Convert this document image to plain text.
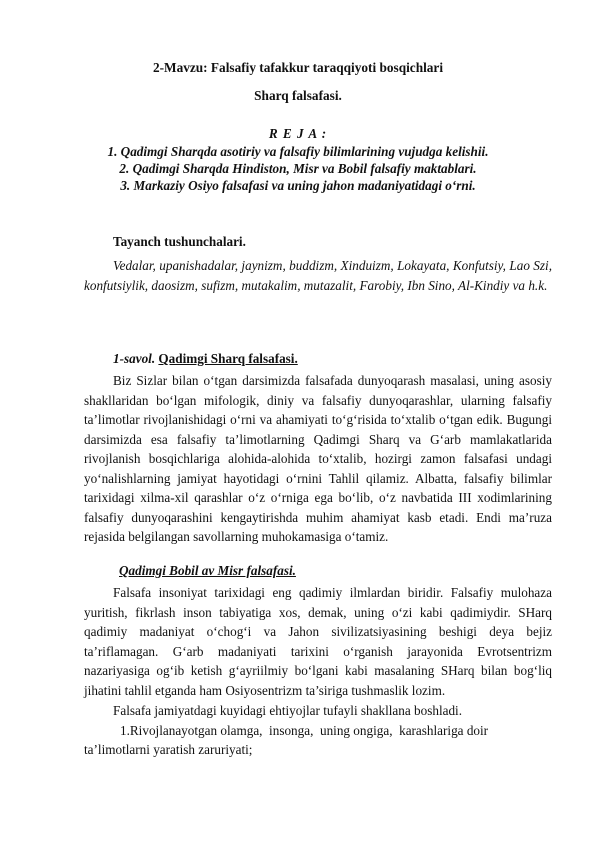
2-Mavzu: Falsafiy tafakkur taraqqiyoti bosqichlari
Sharq falsafasi.
R E J A :
1. Qadimgi Sharqda asotiriy va falsafiy bilimlarining vujudga kelishii.
2. Qadimgi Sharqda Hindiston, Misr va Bobil falsafiy maktablari.
3. Markaziy Osiyo falsafasi va uning jahon madaniyatidagi o‘rni.
Tayanch tushunchalari.
Vedalar, upanishadalar, jaynizm, buddizm, Xinduizm, Lokayata, Konfutsiy, Lao Szi, konfutsiylik, daosizm, sufizm, mutakalim, mutazalit, Farobiy, Ibn Sino, Al-Kindiy va h.k.
1-savol. Qadimgi Sharq falsafasi.
Biz Sizlar bilan o‘tgan darsimizda falsafada dunyoqarash masalasi, uning asosiy shakllaridan bo‘lgan mifologik, diniy va falsafiy dunyoqarashlar, ularning falsafiy ta’limotlar rivojlanishidagi o‘rni va ahamiyati to‘g‘risida to‘xtalib o‘tgan edik. Bugungi darsimizda esa falsafiy ta’limotlarning Qadimgi Sharq va G‘arb mamlakatlarida rivojlanish bosqichlariga alohida-alohida to‘xtalib, hozirgi zamon falsafasi undagi yo‘nalishlarning jamiyat hayotidagi o‘rnini Tahlil qilamiz. Albatta, falsafiy bilimlar tarixidagi xilma-xil qarashlar o‘z o‘rniga ega bo‘lib, o‘z navbatida III xodimlarining falsafiy dunyoqarashini kengaytirishda muhim ahamiyat kasb etadi. Endi ma’ruza rejasida belgilangan savollarning muhokamasiga o‘tamiz.
Qadimgi Bobil av Misr falsafasi.
Falsafa insoniyat tarixidagi eng qadimiy ilmlardan biridir. Falsafiy mulohaza yuritish, fikrlash inson tabiyatiga xos, demak, uning o‘zi kabi qadimiydir. SHarq qadimiy madaniyat o‘chog‘i va Jahon sivilizatsiyasining beshigi deya bejiz ta’riflamagan. G‘arb madaniyati tarixini o‘rganish jarayonida Evrotsentrizm nazariyasiga og‘ib ketish g‘ayriilmiy bo‘lgani kabi masalaning SHarq bilan bog‘liq jihatini tahlil etganda ham Osiyosentrizm ta’siriga tushmaslik lozim.
Falsafa jamiyatdagi kuyidagi ehtiyojlar tufayli shakllana boshladi.
1.Rivojlanayotgan olamga,  insonga,  uning ongiga,  karashlariga doir
ta’limotlarni yaratish zaruriyati;
